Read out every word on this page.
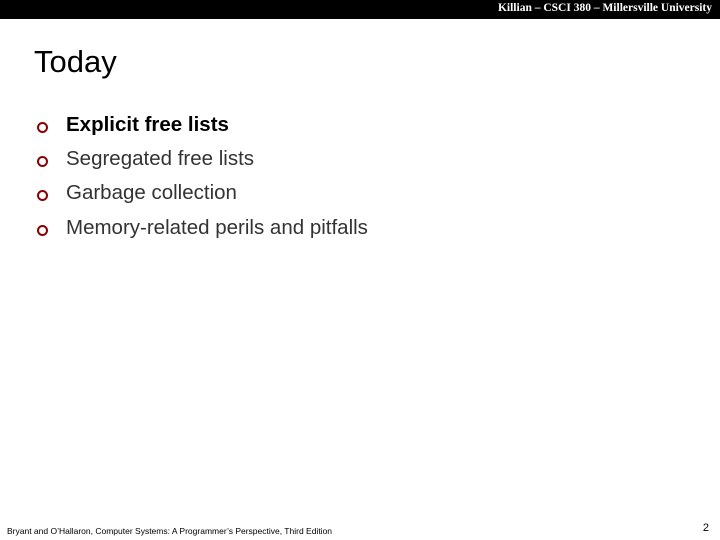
Killian – CSCI 380 – Millersville University
Today
Explicit free lists
Segregated free lists
Garbage collection
Memory-related perils and pitfalls
Bryant and O’Hallaron, Computer Systems: A Programmer’s Perspective, Third Edition	2
